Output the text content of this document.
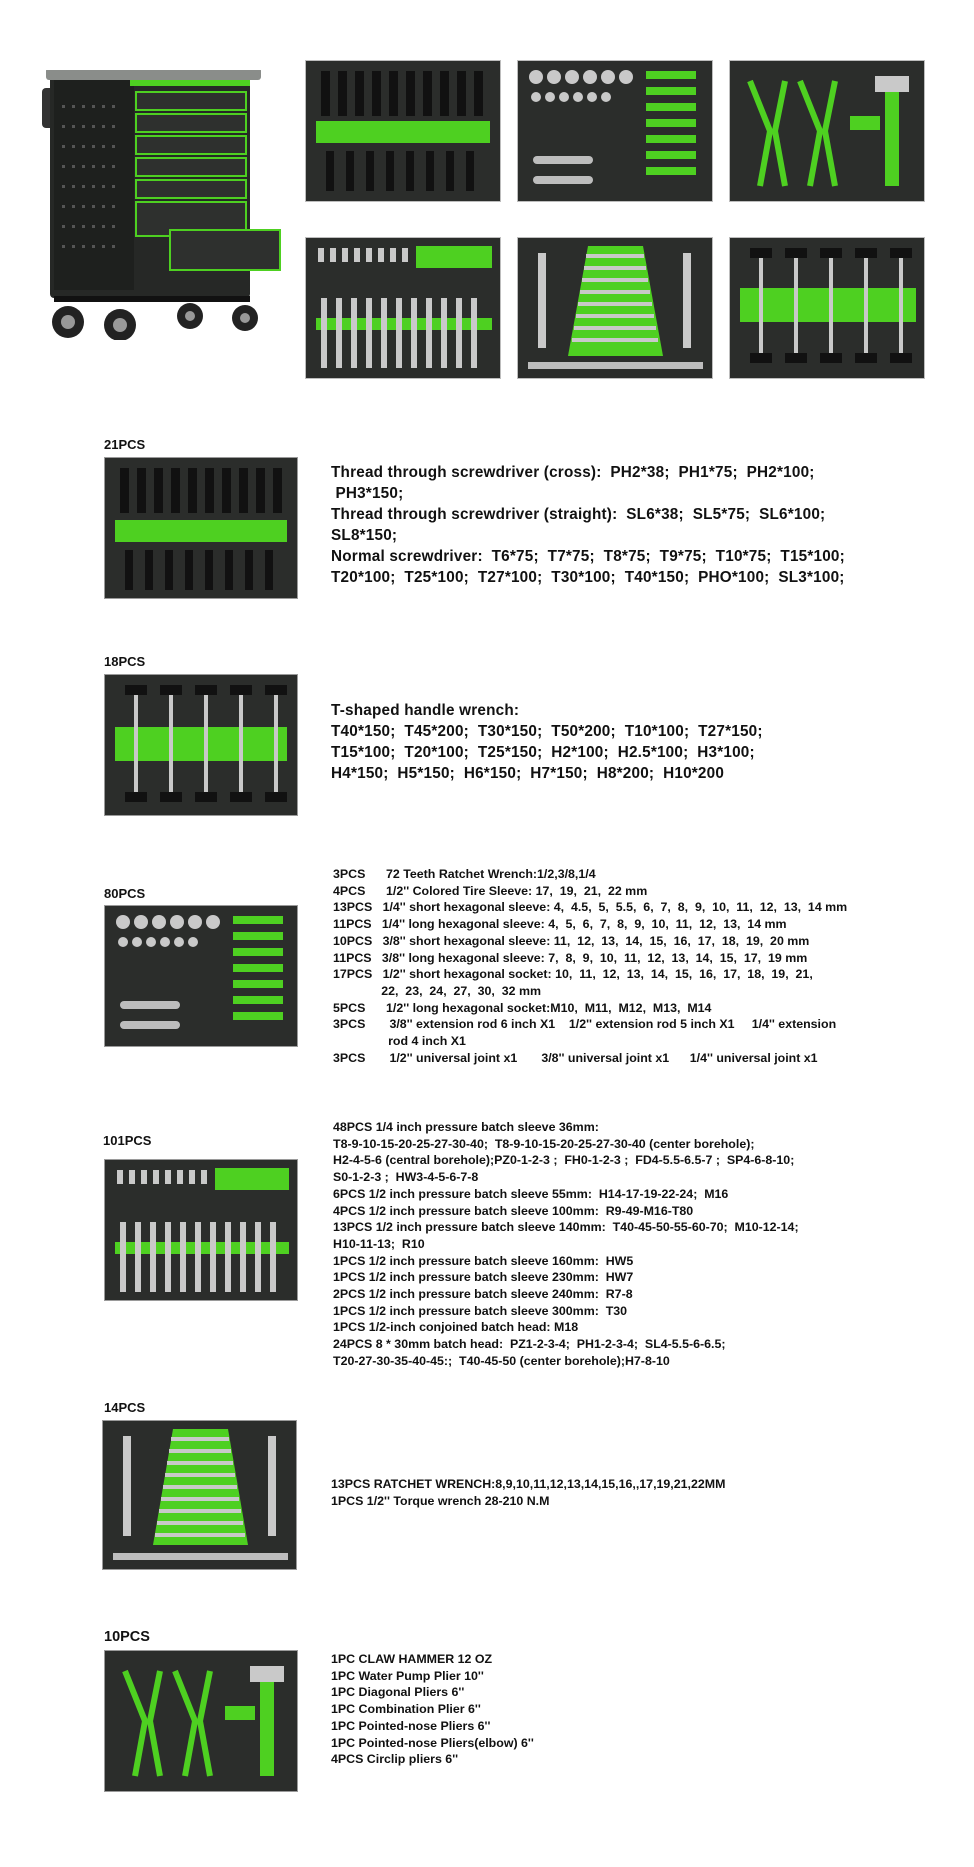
21PCS
Thread through screwdriver (cross):  PH2*38;  PH1*75;  PH2*100;
PH3*150;
Thread through screwdriver (straight):  SL6*38;  SL5*75;  SL6*100;
SL8*150;
Normal screwdriver:  T6*75;  T7*75;  T8*75;  T9*75;  T10*75;  T15*100;
T20*100;  T25*100;  T27*100;  T30*100;  T40*150;  PHO*100;  SL3*100;
18PCS
T-shaped handle wrench:
T40*150;  T45*200;  T30*150;  T50*200;  T10*100;  T27*150;
T15*100;  T20*100;  T25*150;  H2*100;  H2.5*100;  H3*100;
H4*150;  H5*150;  H6*150;  H7*150;  H8*200;  H10*200
80PCS
3PCS      72 Teeth Ratchet Wrench:1/2,3/8,1/4
4PCS      1/2'' Colored Tire Sleeve: 17,  19,  21,  22 mm
13PCS   1/4'' short hexagonal sleeve: 4,  4.5,  5,  5.5,  6,  7,  8,  9,  10,  11,  12,  13,  14 mm
11PCS   1/4'' long hexagonal sleeve: 4,  5,  6,  7,  8,  9,  10,  11,  12,  13,  14 mm
10PCS   3/8'' short hexagonal sleeve: 11,  12,  13,  14,  15,  16,  17,  18,  19,  20 mm
11PCS   3/8'' long hexagonal sleeve: 7,  8,  9,  10,  11,  12,  13,  14,  15,  17,  19 mm
17PCS   1/2'' short hexagonal socket: 10,  11,  12,  13,  14,  15,  16,  17,  18,  19,  21,
22,  23,  24,  27,  30,  32 mm
5PCS      1/2'' long hexagonal socket:M10,  M11,  M12,  M13,  M14
3PCS       3/8'' extension rod 6 inch X1    1/2'' extension rod 5 inch X1     1/4'' extension
rod 4 inch X1
3PCS       1/2'' universal joint x1       3/8'' universal joint x1      1/4'' universal joint x1
101PCS
48PCS 1/4 inch pressure batch sleeve 36mm:
T8-9-10-15-20-25-27-30-40;  T8-9-10-15-20-25-27-30-40 (center borehole);
H2-4-5-6 (central borehole);PZ0-1-2-3 ;  FH0-1-2-3 ;  FD4-5.5-6.5-7 ;  SP4-6-8-10;
S0-1-2-3 ;  HW3-4-5-6-7-8
6PCS 1/2 inch pressure batch sleeve 55mm:  H14-17-19-22-24;  M16
4PCS 1/2 inch pressure batch sleeve 100mm:  R9-49-M16-T80
13PCS 1/2 inch pressure batch sleeve 140mm:  T40-45-50-55-60-70;  M10-12-14;
H10-11-13;  R10
1PCS 1/2 inch pressure batch sleeve 160mm:  HW5
1PCS 1/2 inch pressure batch sleeve 230mm:  HW7
2PCS 1/2 inch pressure batch sleeve 240mm:  R7-8
1PCS 1/2 inch pressure batch sleeve 300mm:  T30
1PCS 1/2-inch conjoined batch head: M18
24PCS 8 * 30mm batch head:  PZ1-2-3-4;  PH1-2-3-4;  SL4-5.5-6-6.5;
T20-27-30-35-40-45:;  T40-45-50 (center borehole);H7-8-10
14PCS
13PCS RATCHET WRENCH:8,9,10,11,12,13,14,15,16,,17,19,21,22MM
1PCS 1/2'' Torque wrench 28-210 N.M
10PCS
1PC CLAW HAMMER 12 OZ
1PC Water Pump Plier 10''
1PC Diagonal Pliers 6''
1PC Combination Plier 6''
1PC Pointed-nose Pliers 6''
1PC Pointed-nose Pliers(elbow) 6''
4PCS Circlip pliers 6''
